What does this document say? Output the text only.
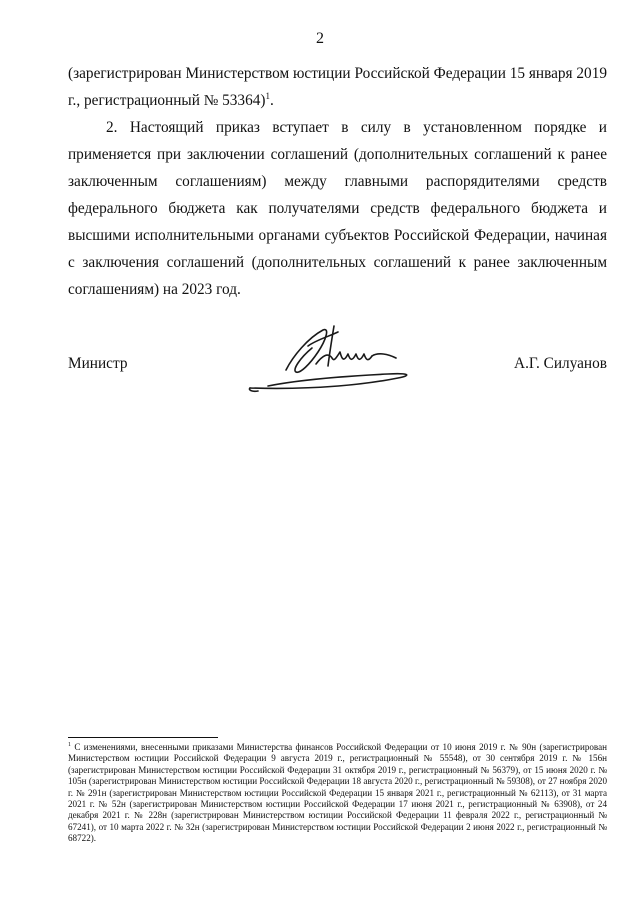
2
(зарегистрирован Министерством юстиции Российской Федерации 15 января 2019 г., регистрационный № 53364)$^1$.
2. Настоящий приказ вступает в силу в установленном порядке и применяется при заключении соглашений (дополнительных соглашений к ранее заключенным соглашениям) между главными распорядителями средств федерального бюджета как получателями средств федерального бюджета и высшими исполнительными органами субъектов Российской Федерации, начиная с заключения соглашений (дополнительных соглашений к ранее заключенным соглашениям) на 2023 год.
Министр	А.Г. Силуанов
$^1$ С изменениями, внесенными приказами Министерства финансов Российской Федерации от 10 июня 2019 г. № 90н (зарегистрирован Министерством юстиции Российской Федерации 9 августа 2019 г., регистрационный № 55548), от 30 сентября 2019 г. № 156н (зарегистрирован Министерством юстиции Российской Федерации 31 октября 2019 г., регистрационный № 56379), от 15 июня 2020 г. № 105н (зарегистрирован Министерством юстиции Российской Федерации 18 августа 2020 г., регистрационный № 59308), от 27 ноября 2020 г. № 291н (зарегистрирован Министерством юстиции Российской Федерации 15 января 2021 г., регистрационный № 62113), от 31 марта 2021 г. № 52н (зарегистрирован Министерством юстиции Российской Федерации 17 июня 2021 г., регистрационный № 63908), от 24 декабря 2021 г. № 228н (зарегистрирован Министерством юстиции Российской Федерации 11 февраля 2022 г., регистрационный № 67241), от 10 марта 2022 г. № 32н (зарегистрирован Министерством юстиции Российской Федерации 2 июня 2022 г., регистрационный № 68722).
